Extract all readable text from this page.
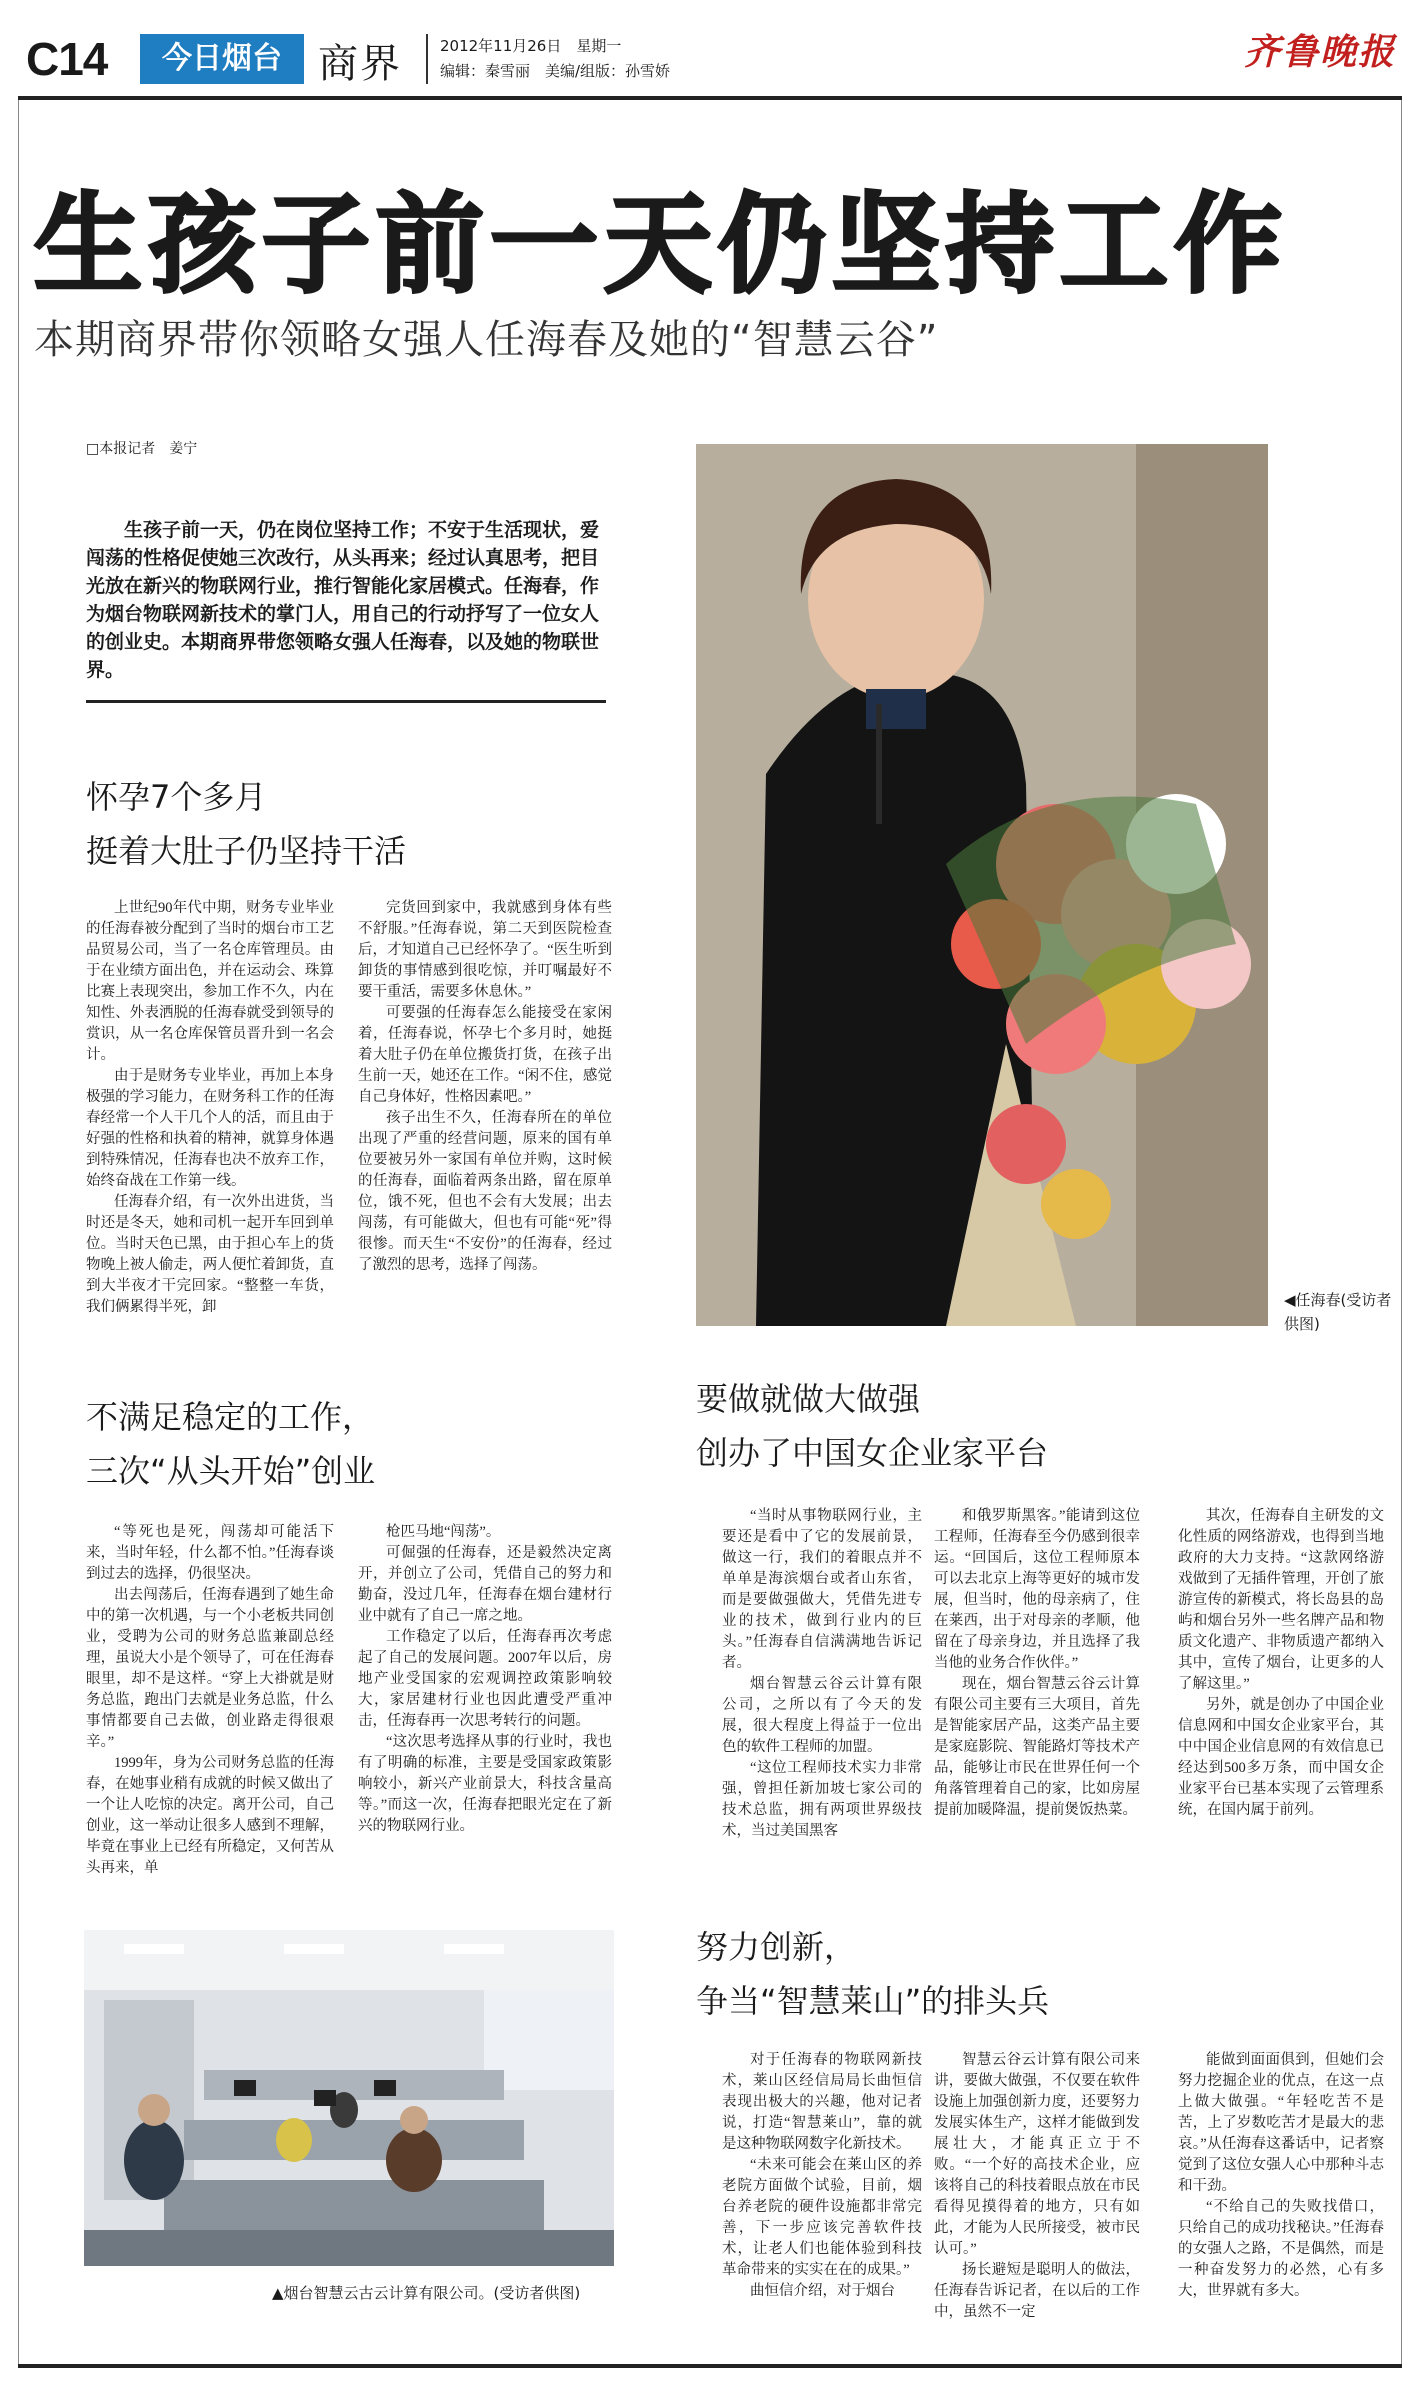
C14	今日烟台 商界	2012年11月26日　星期一
编辑：秦雪丽　美编/组版：孙雪娇	齐鲁晚报
生孩子前一天仍坚持工作
本期商界带你领略女强人任海春及她的“智慧云谷”
□本报记者　姜宁
生孩子前一天，仍在岗位坚持工作；不安于生活现状，爱闯荡的性格促使她三次改行，从头再来；经过认真思考，把目光放在新兴的物联网行业，推行智能化家居模式。任海春，作为烟台物联网新技术的掌门人，用自己的行动抒写了一位女人的创业史。本期商界带您领略女强人任海春，以及她的物联世界。
怀孕7个多月
挺着大肚子仍坚持干活

上世纪90年代中期，财务专业毕业的任海春被分配到了当时的烟台市工艺品贸易公司，当了一名仓库管理员。由于在业绩方面出色，并在运动会、珠算比赛上表现突出，参加工作不久，内在知性、外表洒脱的任海春就受到领导的赏识，从一名仓库保管员晋升到一名会计。

由于是财务专业毕业，再加上本身极强的学习能力，在财务科工作的任海春经常一个人干几个人的活，而且由于好强的性格和执着的精神，就算身体遇到特殊情况，任海春也决不放弃工作，始终奋战在工作第一线。

任海春介绍，有一次外出进货，当时还是冬天，她和司机一起开车回到单位。当时天色已黑，由于担心车上的货物晚上被人偷走，两人便忙着卸货，直到大半夜才干完回家。“整整一车货，我们俩累得半死，卸

完货回到家中，我就感到身体有些不舒服。”任海春说，第二天到医院检查后，才知道自己已经怀孕了。“医生听到卸货的事情感到很吃惊，并叮嘱最好不要干重活，需要多休息休。”

可要强的任海春怎么能接受在家闲着，任海春说，怀孕七个多月时，她挺着大肚子仍在单位搬货打货，在孩子出生前一天，她还在工作。“闲不住，感觉自己身体好，性格因素吧。”

孩子出生不久，任海春所在的单位出现了严重的经营问题，原来的国有单位要被另外一家国有单位并购，这时候的任海春，面临着两条出路，留在原单位，饿不死，但也不会有大发展；出去闯荡，有可能做大，但也有可能“死”得很惨。而天生“不安份”的任海春，经过了激烈的思考，选择了闯荡。

◀任海春(受访者供图)
不满足稳定的工作，
三次“从头开始”创业

“等死也是死，闯荡却可能活下来，当时年轻，什么都不怕。”任海春谈到过去的选择，仍很坚决。

出去闯荡后，任海春遇到了她生命中的第一次机遇，与一个小老板共同创业，受聘为公司的财务总监兼副总经理，虽说大小是个领导了，可在任海春眼里，却不是这样。“穿上大褂就是财务总监，跑出门去就是业务总监，什么事情都要自己去做，创业路走得很艰辛。”

1999年，身为公司财务总监的任海春，在她事业稍有成就的时候又做出了一个让人吃惊的决定。离开公司，自己创业，这一举动让很多人感到不理解，毕竟在事业上已经有所稳定，又何苦从头再来，单

枪匹马地“闯荡”。

可倔强的任海春，还是毅然决定离开，并创立了公司，凭借自己的努力和勤奋，没过几年，任海春在烟台建材行业中就有了自己一席之地。

工作稳定了以后，任海春再次考虑起了自己的发展问题。2007年以后，房地产业受国家的宏观调控政策影响较大，家居建材行业也因此遭受严重冲击，任海春再一次思考转行的问题。

“这次思考选择从事的行业时，我也有了明确的标准，主要是受国家政策影响较小，新兴产业前景大，科技含量高等。”而这一次，任海春把眼光定在了新兴的物联网行业。

▲烟台智慧云古云计算有限公司。(受访者供图)
要做就做大做强
创办了中国女企业家平台

“当时从事物联网行业，主要还是看中了它的发展前景，做这一行，我们的着眼点并不单单是海滨烟台或者山东省，而是要做强做大，凭借先进专业的技术，做到行业内的巨头。”任海春自信满满地告诉记者。

烟台智慧云谷云计算有限公司，之所以有了今天的发展，很大程度上得益于一位出色的软件工程师的加盟。

“这位工程师技术实力非常强，曾担任新加坡七家公司的技术总监，拥有两项世界级技术，当过美国黑客

和俄罗斯黑客。”能请到这位工程师，任海春至今仍感到很幸运。“回国后，这位工程师原本可以去北京上海等更好的城市发展，但当时，他的母亲病了，住在莱西，出于对母亲的孝顺，他留在了母亲身边，并且选择了我当他的业务合作伙伴。”

现在，烟台智慧云谷云计算有限公司主要有三大项目，首先是智能家居产品，这类产品主要是家庭影院、智能路灯等技术产品，能够让市民在世界任何一个角落管理着自己的家，比如房屋提前加暖降温，提前煲饭热菜。

其次，任海春自主研发的文化性质的网络游戏，也得到当地政府的大力支持。“这款网络游戏做到了无插件管理，开创了旅游宣传的新模式，将长岛县的岛屿和烟台另外一些名牌产品和物质文化遗产、非物质遗产都纳入其中，宣传了烟台，让更多的人了解这里。”

另外，就是创办了中国企业信息网和中国女企业家平台，其中中国企业信息网的有效信息已经达到500多万条，而中国女企业家平台已基本实现了云管理系统，在国内属于前列。

努力创新，
争当“智慧莱山”的排头兵

对于任海春的物联网新技术，莱山区经信局局长曲恒信表现出极大的兴趣，他对记者说，打造“智慧莱山”，靠的就是这种物联网数字化新技术。

“未来可能会在莱山区的养老院方面做个试验，目前，烟台养老院的硬件设施都非常完善，下一步应该完善软件技术，让老人们也能体验到科技革命带来的实实在在的成果。”

曲恒信介绍，对于烟台

智慧云谷云计算有限公司来讲，要做大做强，不仅要在软件设施上加强创新力度，还要努力发展实体生产，这样才能做到发展壮大，才能真正立于不败。“一个好的高技术企业，应该将自己的科技着眼点放在市民看得见摸得着的地方，只有如此，才能为人民所接受，被市民认可。”

扬长避短是聪明人的做法，任海春告诉记者，在以后的工作中，虽然不一定

能做到面面俱到，但她们会努力挖掘企业的优点，在这一点上做大做强。“年轻吃苦不是苦，上了岁数吃苦才是最大的悲哀。”从任海春这番话中，记者察觉到了这位女强人心中那种斗志和干劲。

“不给自己的失败找借口，只给自己的成功找秘诀。”任海春的女强人之路，不是偶然，而是一种奋发努力的必然，心有多大，世界就有多大。
